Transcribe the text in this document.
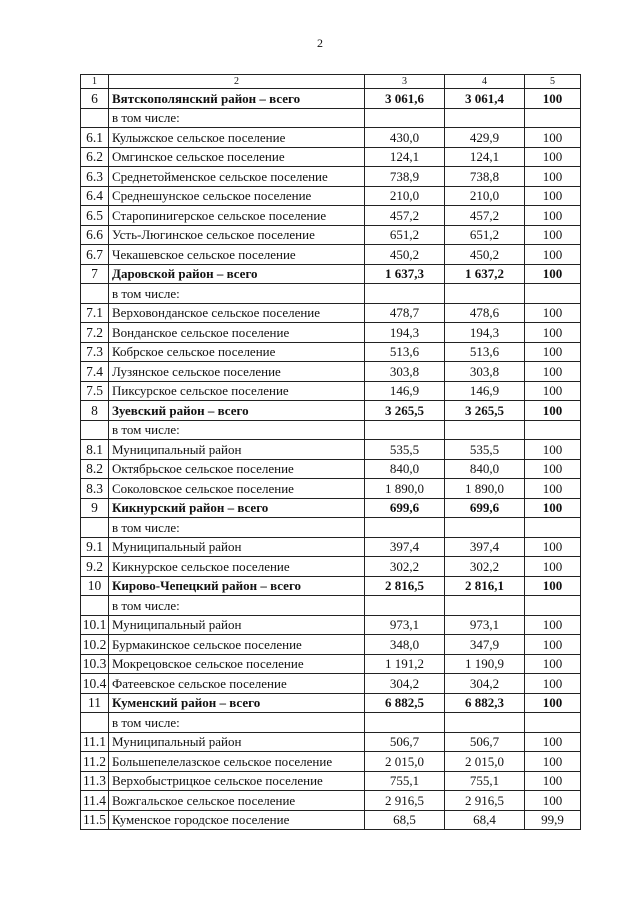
2
1	2	3	4	5
6	Вятскополянский район – всего	3 061,6	3 061,4	100
	в том числе:			
6.1	Кулыжское сельское поселение	430,0	429,9	100
6.2	Омгинское сельское поселение	124,1	124,1	100
6.3	Среднетойменское сельское поселение	738,9	738,8	100
6.4	Среднешунское сельское поселение	210,0	210,0	100
6.5	Старопинигерское сельское поселение	457,2	457,2	100
6.6	Усть-Люгинское сельское поселение	651,2	651,2	100
6.7	Чекашевское сельское поселение	450,2	450,2	100
7	Даровской район – всего	1 637,3	1 637,2	100
	в том числе:			
7.1	Верховонданское сельское поселение	478,7	478,6	100
7.2	Вонданское сельское поселение	194,3	194,3	100
7.3	Кобрское сельское поселение	513,6	513,6	100
7.4	Лузянское сельское поселение	303,8	303,8	100
7.5	Пиксурское сельское поселение	146,9	146,9	100
8	Зуевский район – всего	3 265,5	3 265,5	100
	в том числе:			
8.1	Муниципальный район	535,5	535,5	100
8.2	Октябрьское сельское поселение	840,0	840,0	100
8.3	Соколовское сельское поселение	1 890,0	1 890,0	100
9	Кикнурский район – всего	699,6	699,6	100
	в том числе:			
9.1	Муниципальный район	397,4	397,4	100
9.2	Кикнурское сельское поселение	302,2	302,2	100
10	Кирово-Чепецкий район – всего	2 816,5	2 816,1	100
	в том числе:			
10.1	Муниципальный район	973,1	973,1	100
10.2	Бурмакинское сельское поселение	348,0	347,9	100
10.3	Мокрецовское сельское поселение	1 191,2	1 190,9	100
10.4	Фатеевское сельское поселение	304,2	304,2	100
11	Куменский район – всего	6 882,5	6 882,3	100
	в том числе:			
11.1	Муниципальный район	506,7	506,7	100
11.2	Большепелелазское сельское поселение	2 015,0	2 015,0	100
11.3	Верхобыстрицкое сельское поселение	755,1	755,1	100
11.4	Вожгальское сельское поселение	2 916,5	2 916,5	100
11.5	Куменское городское поселение	68,5	68,4	99,9
